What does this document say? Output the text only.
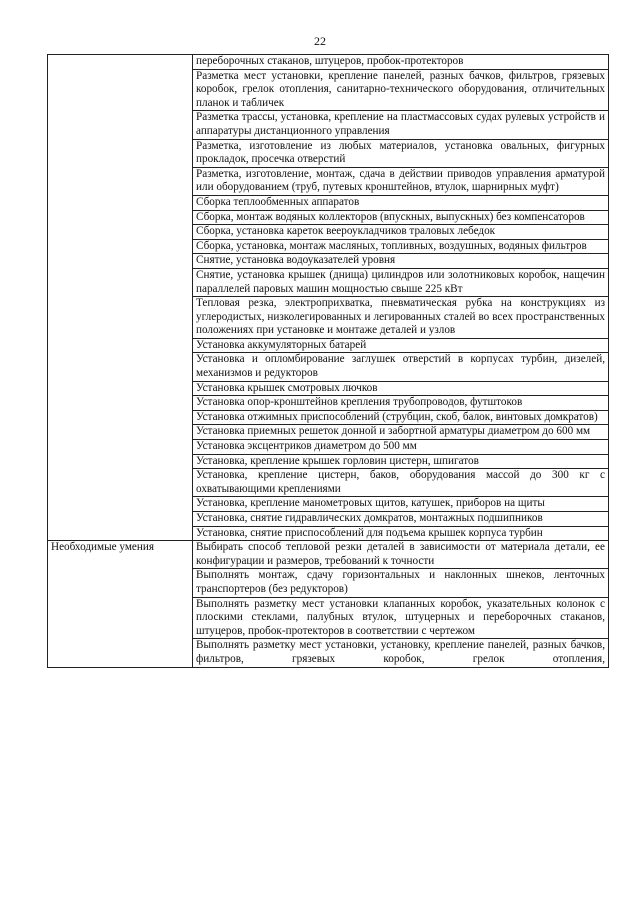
22
	переборочных стаканов, штуцеров, пробок-протекторов
	Разметка мест установки, крепление панелей, разных бачков, фильтров, грязевых коробок, грелок отопления, санитарно-технического оборудования, отличительных планок и табличек
	Разметка трассы, установка, крепление на пластмассовых судах рулевых устройств и аппаратуры дистанционного управления
	Разметка, изготовление из любых материалов, установка овальных, фигурных прокладок, просечка отверстий
	Разметка, изготовление, монтаж, сдача в действии приводов управления арматурой или оборудованием (труб, путевых кронштейнов, втулок, шарнирных муфт)
	Сборка теплообменных аппаратов
	Сборка, монтаж водяных коллекторов (впускных, выпускных) без компенсаторов
	Сборка, установка кареток веероукладчиков траловых лебедок
	Сборка, установка, монтаж масляных, топливных, воздушных, водяных фильтров
	Снятие, установка водоуказателей уровня
	Снятие, установка крышек (днища) цилиндров или золотниковых коробок, нащечин параллелей паровых машин мощностью свыше 225 кВт
	Тепловая резка, электроприхватка, пневматическая рубка на конструкциях из углеродистых, низколегированных и легированных сталей во всех пространственных положениях при установке и монтаже деталей и узлов
	Установка аккумуляторных батарей
	Установка и опломбирование заглушек отверстий в корпусах турбин, дизелей, механизмов и редукторов
	Установка крышек смотровых лючков
	Установка опор-кронштейнов крепления трубопроводов, футштоков
	Установка отжимных приспособлений (струбцин, скоб, балок, винтовых домкратов)
	Установка приемных решеток донной и забортной арматуры диаметром до 600 мм
	Установка эксцентриков диаметром до 500 мм
	Установка, крепление крышек горловин цистерн, шпигатов
	Установка, крепление цистерн, баков, оборудования массой до 300 кг с охватывающими креплениями
	Установка, крепление манометровых щитов, катушек, приборов на щиты
	Установка, снятие гидравлических домкратов, монтажных подшипников
	Установка, снятие приспособлений для подъема крышек корпуса турбин
Необходимые умения	Выбирать способ тепловой резки деталей в зависимости от материала детали, ее конфигурации и размеров, требований к точности
	Выполнять монтаж, сдачу горизонтальных и наклонных шнеков, ленточных транспортеров (без редукторов)
	Выполнять разметку мест установки клапанных коробок, указательных колонок с плоскими стеклами, палубных втулок, штуцерных и переборочных стаканов, штуцеров, пробок-протекторов в соответствии с чертежом
	Выполнять разметку мест установки, установку, крепление панелей, разных бачков, фильтров, грязевых коробок, грелок отопления,
